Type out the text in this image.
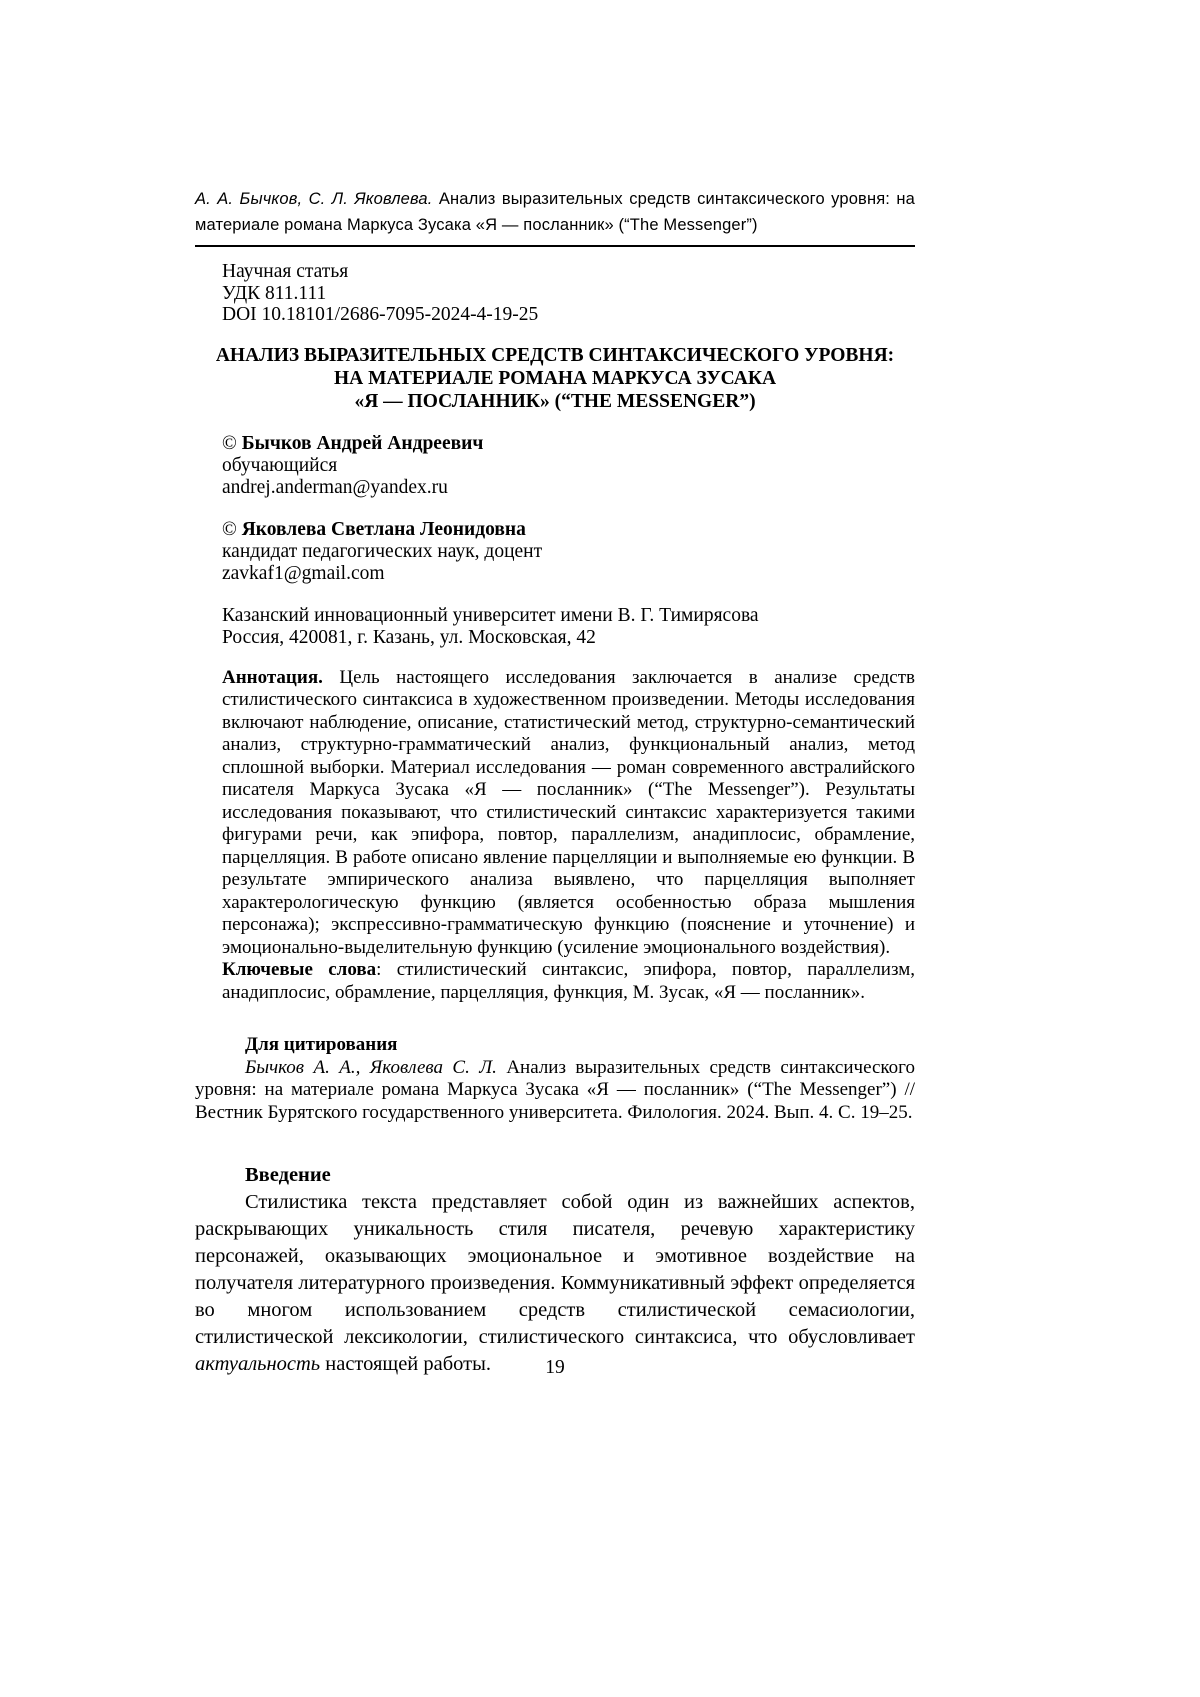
А. А. Бычков, С. Л. Яковлева. Анализ выразительных средств синтаксического уровня: на материале романа Маркуса Зусака «Я — посланник» (“The Messenger”)

Научная статья

УДК 811.111

DOI 10.18101/2686-7095-2024-4-19-25

АНАЛИЗ ВЫРАЗИТЕЛЬНЫХ СРЕДСТВ СИНТАКСИЧЕСКОГО УРОВНЯ:
НА МАТЕРИАЛЕ РОМАНА МАРКУСА ЗУСАКА
«Я — ПОСЛАННИК» (“THE MESSENGER”)

© Бычков Андрей Андреевич

обучающийся

andrej.anderman@yandex.ru

© Яковлева Светлана Леонидовна

кандидат педагогических наук, доцент

zavkaf1@gmail.com

Казанский инновационный университет имени В. Г. Тимирясова

Россия, 420081, г. Казань, ул. Московская, 42

Аннотация. Цель настоящего исследования заключается в анализе средств стилистического синтаксиса в художественном произведении. Методы исследования включают наблюдение, описание, статистический метод, структурно-семантический анализ, структурно-грамматический анализ, функциональный анализ, метод сплошной выборки. Материал исследования — роман современного австралийского писателя Маркуса Зусака «Я — посланник» (“The Messenger”). Результаты исследования показывают, что стилистический синтаксис характеризуется такими фигурами речи, как эпифора, повтор, параллелизм, анадиплосис, обрамление, парцелляция. В работе описано явление парцелляции и выполняемые ею функции. В результате эмпирического анализа выявлено, что парцелляция выполняет характерологическую функцию (является особенностью образа мышления персонажа); экспрессивно-грамматическую функцию (пояснение и уточнение) и эмоционально-выделительную функцию (усиление эмоционального воздействия).

Ключевые слова: стилистический синтаксис, эпифора, повтор, параллелизм, анадиплосис, обрамление, парцелляция, функция, М. Зусак, «Я — посланник».

Для цитирования

Бычков А. А., Яковлева С. Л. Анализ выразительных средств синтаксического уровня: на материале романа Маркуса Зусака «Я — посланник» (“The Messenger”) // Вестник Бурятского государственного университета. Филология. 2024. Вып. 4. С. 19–25.

Введение

Стилистика текста представляет собой один из важнейших аспектов, раскрывающих уникальность стиля писателя, речевую характеристику персонажей, оказывающих эмоциональное и эмотивное воздействие на получателя литературного произведения. Коммуникативный эффект определяется во многом использованием средств стилистической семасиологии, стилистической лексикологии, стилистического синтаксиса, что обусловливает актуальность настоящей работы.	19
